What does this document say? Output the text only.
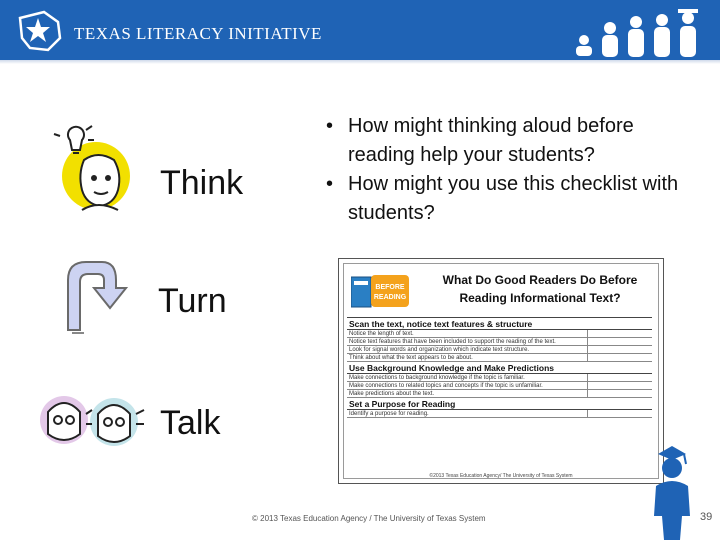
TEXAS LITERACY INITIATIVE
Think
Turn
Talk
• How might thinking aloud before reading help your students?
• How might you use this checklist with students?
BEFORE
READING
What Do Good Readers Do Before Reading Informational Text?
Scan the text, notice text features & structure	
Notice the length of text.	
Notice text features that have been included to support the reading of the text.	
Look for signal words and organization which indicate text structure.	
Think about what the text appears to be about.	
Use Background Knowledge and Make Predictions	
Make connections to background knowledge if the topic is familiar.	
Make connections to related topics and concepts if the topic is unfamiliar.	
Make predictions about the text.	
Set a Purpose for Reading	
Identify a purpose for reading.	
©2013 Texas Education Agency/ The University of Texas System
© 2013 Texas Education Agency / The University of Texas System	39
